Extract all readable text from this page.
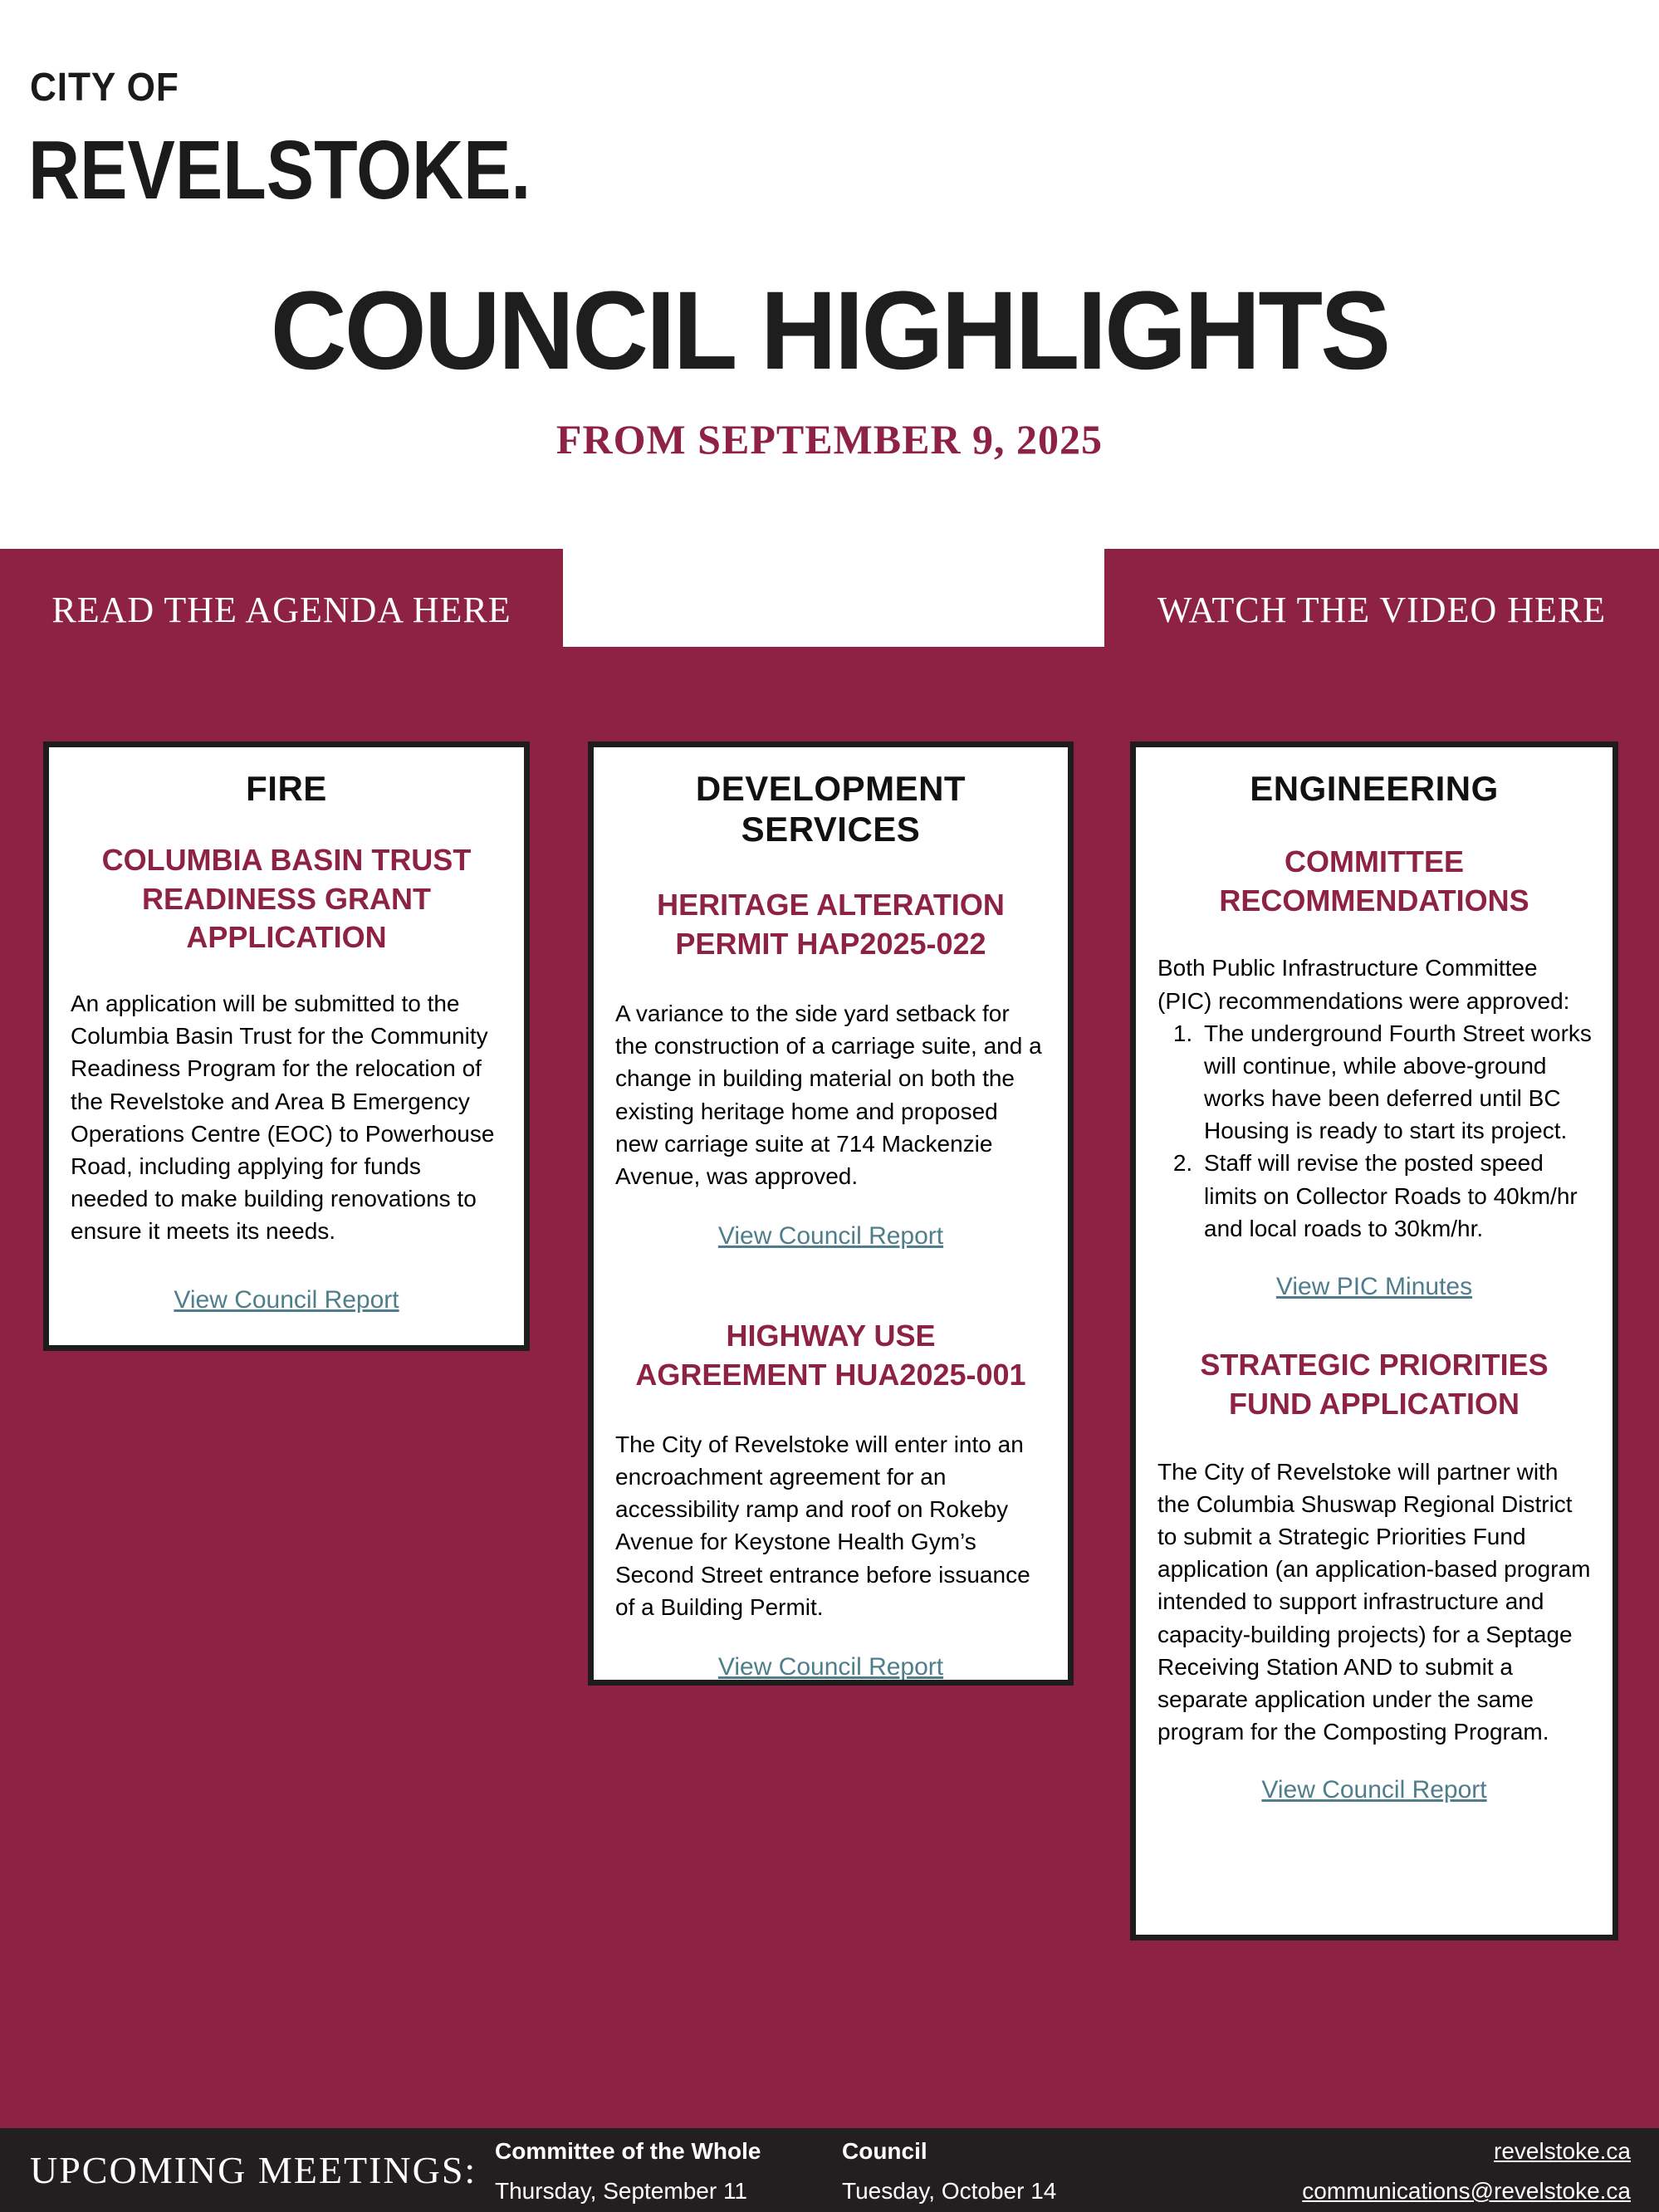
CITY OF
REVELSTOKE.
COUNCIL HIGHLIGHTS
FROM SEPTEMBER 9, 2025
READ THE AGENDA HERE	WATCH THE VIDEO HERE
FIRE
COLUMBIA BASIN TRUST
READINESS GRANT
APPLICATION
An application will be submitted to the Columbia Basin Trust for the Community Readiness Program for the relocation of the Revelstoke and Area B Emergency Operations Centre (EOC) to Powerhouse Road, including applying for funds needed to make building renovations to ensure it meets its needs.
View Council Report
DEVELOPMENT
SERVICES
HERITAGE ALTERATION
PERMIT HAP2025-022
A variance to the side yard setback for the construction of a carriage suite, and a change in building material on both the existing heritage home and proposed new carriage suite at 714 Mackenzie Avenue, was approved.
View Council Report
HIGHWAY USE
AGREEMENT HUA2025-001
The City of Revelstoke will enter into an encroachment agreement for an accessibility ramp and roof on Rokeby Avenue for Keystone Health Gym’s Second Street entrance before issuance of a Building Permit.
View Council Report
ENGINEERING
COMMITTEE
RECOMMENDATIONS
Both Public Infrastructure Committee (PIC) recommendations were approved:
1. The underground Fourth Street works will continue, while above-ground works have been deferred until BC Housing is ready to start its project.
2. Staff will revise the posted speed limits on Collector Roads to 40km/hr and local roads to 30km/hr.
View PIC Minutes
STRATEGIC PRIORITIES
FUND APPLICATION
The City of Revelstoke will partner with the Columbia Shuswap Regional District to submit a Strategic Priorities Fund application (an application-based program intended to support infrastructure and capacity-building projects) for a Septage Receiving Station AND to submit a separate application under the same program for the Composting Program.
View Council Report
UPCOMING MEETINGS: Committee of the Whole
Thursday, September 11
Council
Tuesday, October 14
revelstoke.ca
communications@revelstoke.ca
